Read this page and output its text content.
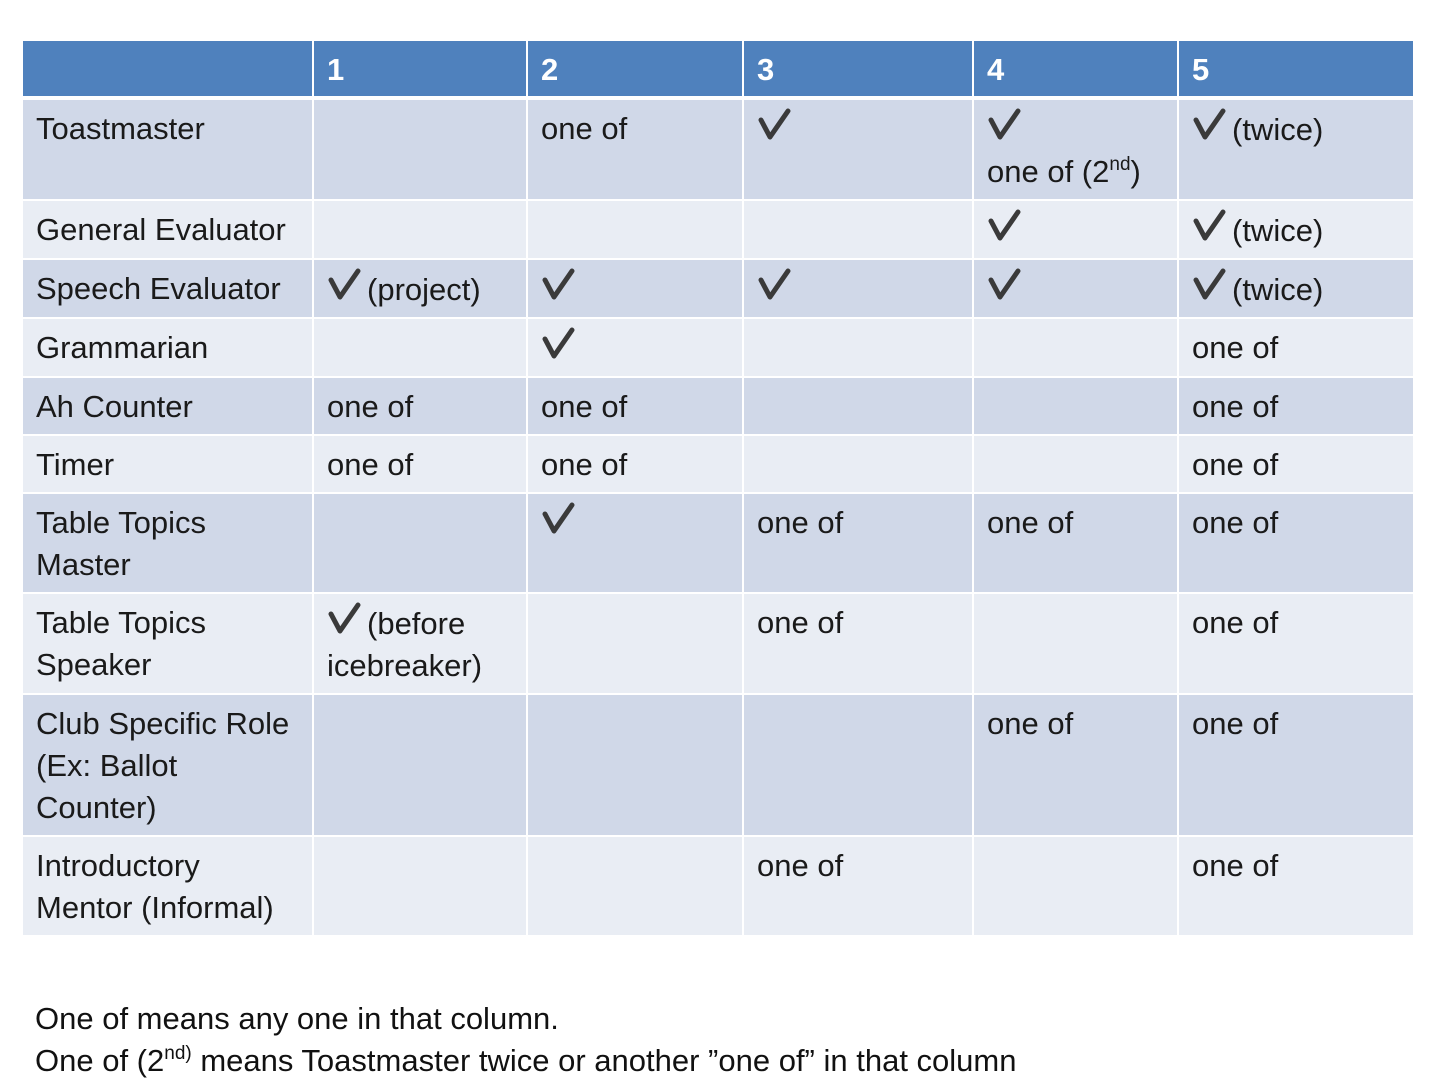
	1	2	3	4	5
Toastmaster		one of		one of (2nd)	(twice)
General Evaluator					(twice)
Speech Evaluator	(project)				(twice)
Grammarian					one of
Ah Counter	one of	one of			one of
Timer	one of	one of			one of
Table Topics Master			one of	one of	one of
Table Topics Speaker	(before icebreaker)		one of		one of
Club Specific Role (Ex: Ballot Counter)				one of	one of
Introductory Mentor (Informal)			one of		one of
One of means any one in that column.
One of ($2^{nd)}$ means Toastmaster twice or another ”one of” in that column
